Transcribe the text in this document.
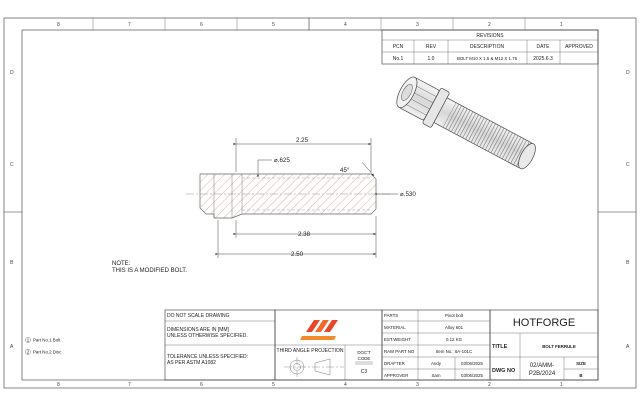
8	7	6	5	4	3	2	1
8	7	6	5	4	3	2	1
D
C
B
A
D
C
B
A
REVISIONS
PCN	REV	DESCRIPTION	DATE	APPROVED
No.1	1.0	BOLT M10 X 1.5 & M12 X 1.75	2025.6.3
2.25
⌀.625
45°
⌀.530
2.38
2.50
NOTE:
THIS IS A MODIFIED BOLT.
1 Part No.1 Bolt
2 Part No.2 Disc
DO NOT SCALE DRAWING
DIMENSIONS ARE IN [MM]
UNLESS OTHERWISE SPECIFIED.
TOLERANCE UNLESS SPECIFIED:
AS PER ASTM A1082
THIRD ANGLE PROJECTION	DOC'T
CODE
C3
PARTS	Pivot bolt
MATERIAL	Alloy 601
EST.WEIGHT	0.12 KG
RAW PART NO	Item No.: 6A-101C
DRAFTER	Andy	03/06/2025
APPROVER	Sam	03/06/2025
HOTFORGE
TITLE	BOLT FERRULE
DWG NO
02/AMM-
P2B/2024
SIZE
B
